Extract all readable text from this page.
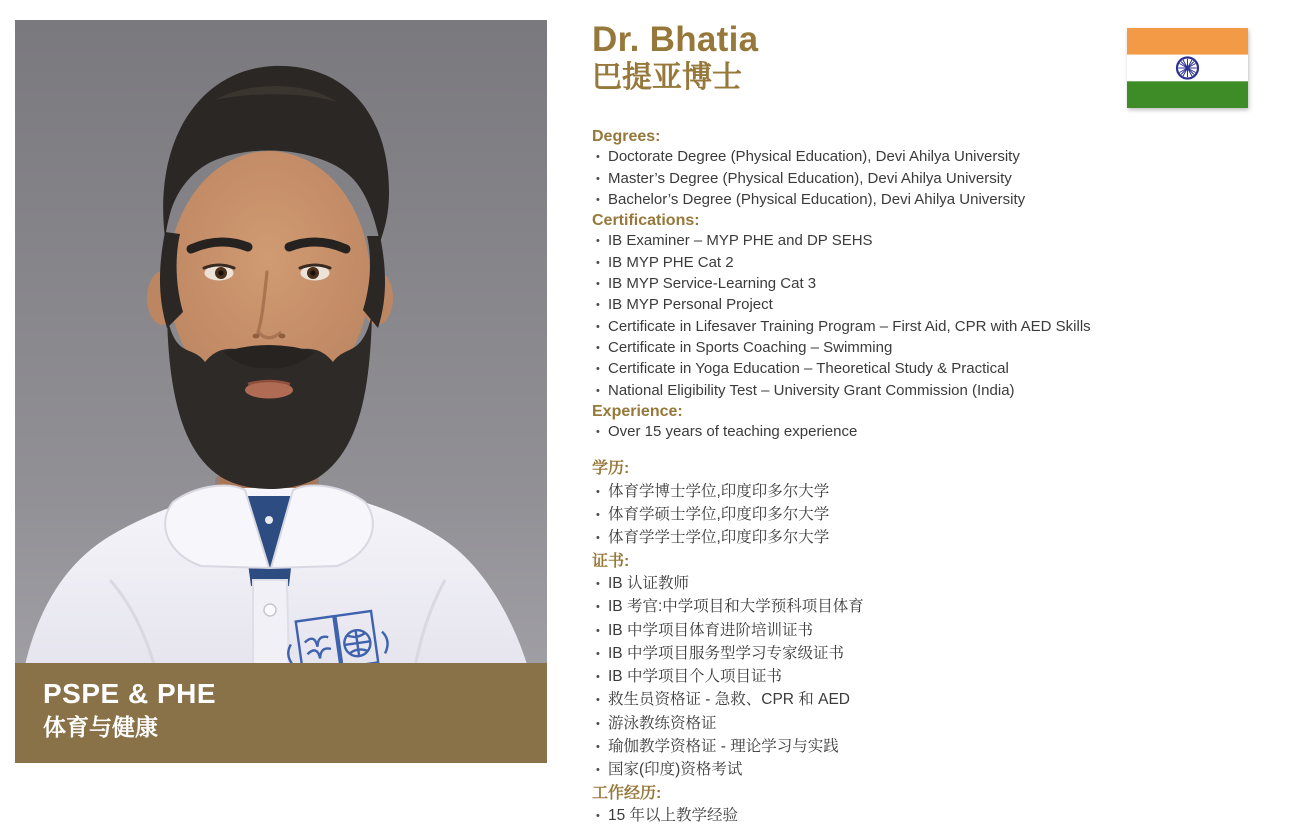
PSPE & PHE
体育与健康
Dr. Bhatia
巴提亚博士
Degrees:
• Doctorate Degree (Physical Education), Devi Ahilya University
• Master’s Degree (Physical Education), Devi Ahilya University
• Bachelor’s Degree (Physical Education), Devi Ahilya University
Certifications:
• IB Examiner – MYP PHE and DP SEHS
• IB MYP PHE Cat 2
• IB MYP Service-Learning Cat 3
• IB MYP Personal Project
• Certificate in Lifesaver Training Program – First Aid, CPR with AED Skills
• Certificate in Sports Coaching – Swimming
• Certificate in Yoga Education – Theoretical Study & Practical
• National Eligibility Test – University Grant Commission (India)
Experience:
• Over 15 years of teaching experience
学历:
• 体育学博士学位,印度印多尔大学
• 体育学硕士学位,印度印多尔大学
• 体育学学士学位,印度印多尔大学
证书:
• IB 认证教师
• IB 考官:中学项目和大学预科项目体育
• IB 中学项目体育进阶培训证书
• IB 中学项目服务型学习专家级证书
• IB 中学项目个人项目证书
• 救生员资格证 - 急救、CPR 和 AED
• 游泳教练资格证
• 瑜伽教学资格证 - 理论学习与实践
• 国家(印度)资格考试
工作经历:
• 15 年以上教学经验
